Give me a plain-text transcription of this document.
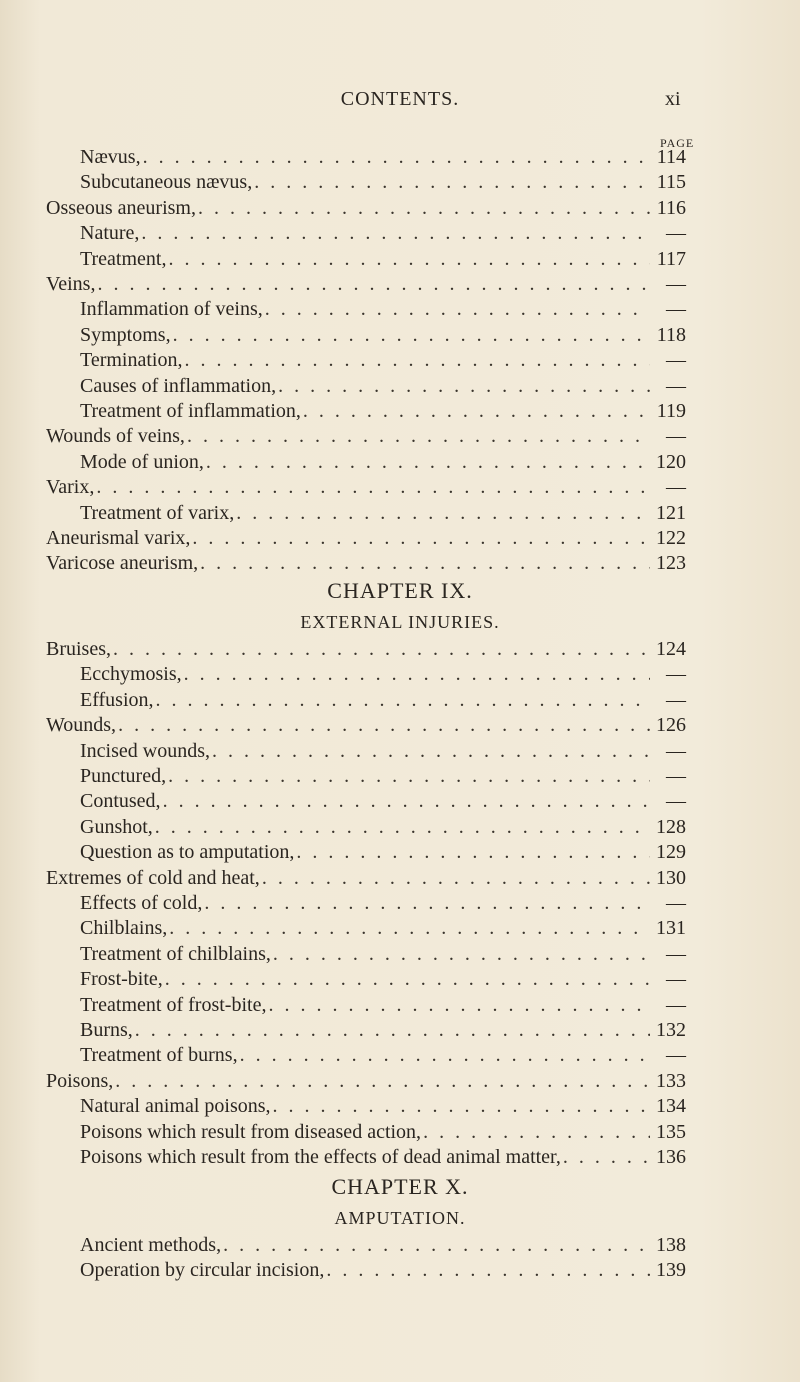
CONTENTS.	xi
PAGE
Nævus, . . .	114
Subcutaneous nævus, . . .	115
Osseous aneurism, . . .	116
Nature, . . .	—
Treatment, . . .	117
Veins, . . .	—
Inflammation of veins, . . .	—
Symptoms, . . .	118
Termination, . . .	—
Causes of inflammation, . . .	—
Treatment of inflammation, . . .	119
Wounds of veins, . . .	—
Mode of union, . . .	120
Varix, . . .	—
Treatment of varix, . . .	121
Aneurismal varix, . . .	122
Varicose aneurism, . . .	123
CHAPTER IX.
EXTERNAL INJURIES.
Bruises, . . .	124
Ecchymosis, . . .	—
Effusion, . . .	—
Wounds, . . .	126
Incised wounds, . . .	—
Punctured, . . .	—
Contused, . . .	—
Gunshot, . . .	128
Question as to amputation, . . .	129
Extremes of cold and heat, . . .	130
Effects of cold, . . .	—
Chilblains, . . .	131
Treatment of chilblains, . . .	—
Frost-bite, . . .	—
Treatment of frost-bite, . . .	—
Burns, . . .	132
Treatment of burns, . . .	—
Poisons, . . .	133
Natural animal poisons, . . .	134
Poisons which result from diseased action, . . .	135
Poisons which result from the effects of dead animal matter, . . .	136
CHAPTER X.
AMPUTATION.
Ancient methods, . . .	138
Operation by circular incision, . . .	139
